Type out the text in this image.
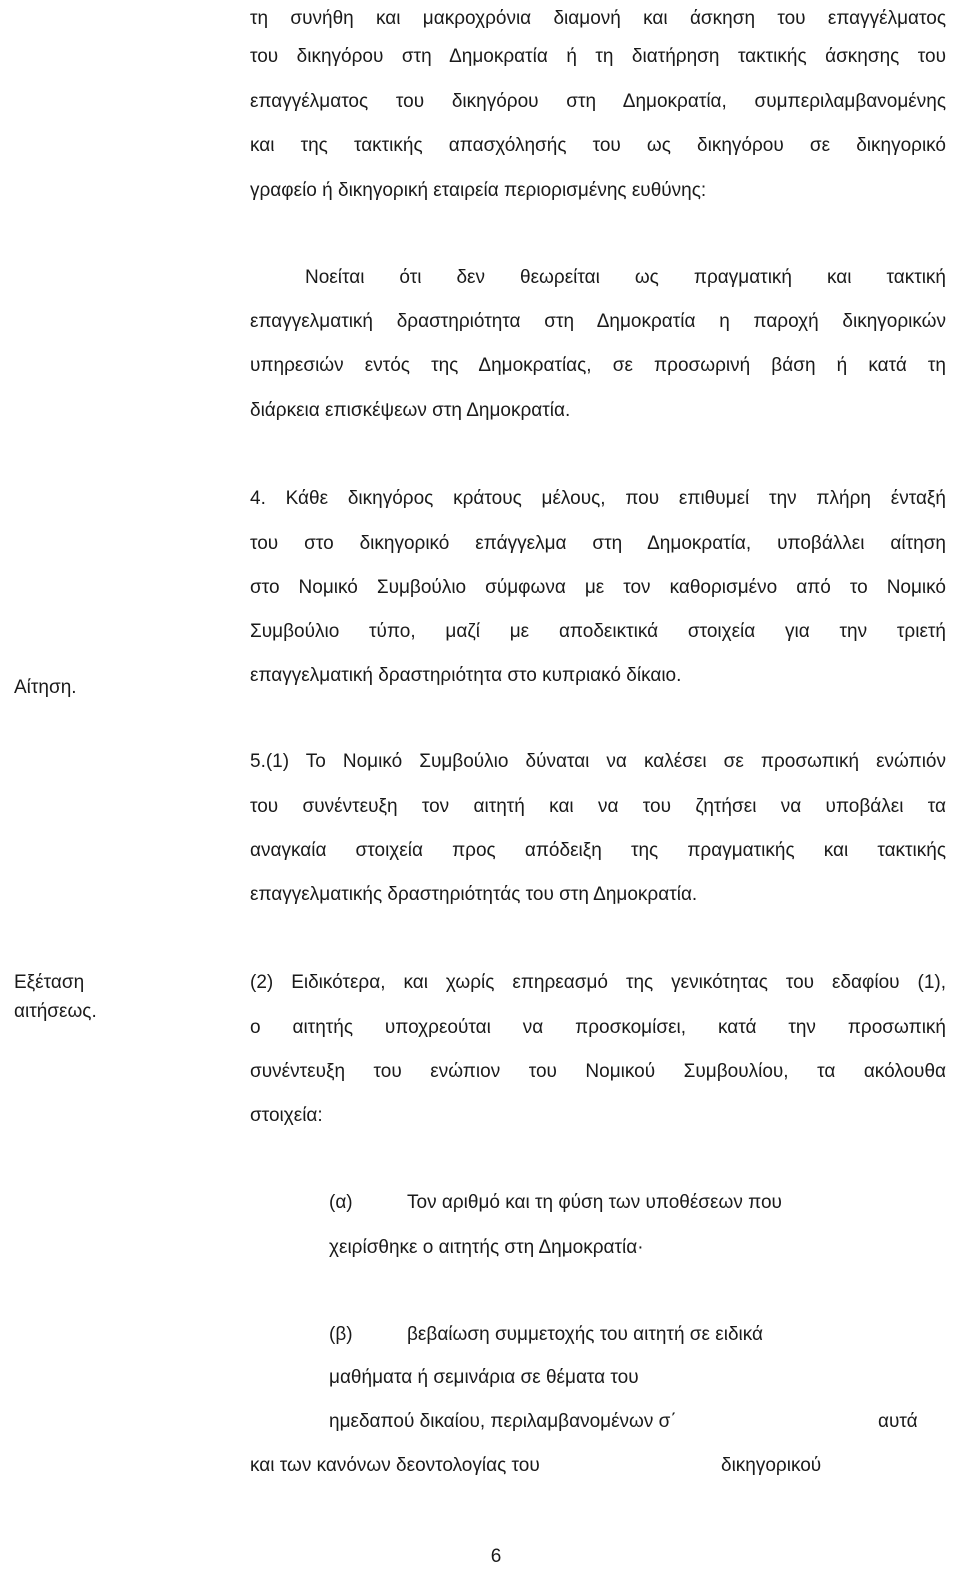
τη συνήθη και μακροχρόνια διαμονή και άσκηση του επαγγέλματος
του δικηγόρου στη Δημοκρατία ή τη διατήρηση τακτικής άσκησης του
επαγγέλματος του δικηγόρου στη Δημοκρατία, συμπεριλαμβανομένης
και της τακτικής απασχόλησής του ως δικηγόρου σε δικηγορικό
γραφείο ή δικηγορική εταιρεία περιορισμένης ευθύνης:
Νοείται ότι δεν θεωρείται ως πραγματική και τακτική
επαγγελματική δραστηριότητα στη Δημοκρατία η παροχή δικηγορικών
υπηρεσιών εντός της Δημοκρατίας, σε προσωρινή βάση ή κατά τη
διάρκεια επισκέψεων στη Δημοκρατία.
4. Κάθε δικηγόρος κράτους μέλους, που επιθυμεί την πλήρη ένταξή
του στο δικηγορικό επάγγελμα στη Δημοκρατία, υποβάλλει αίτηση
στο Νομικό Συμβούλιο σύμφωνα με τον καθορισμένο από το Νομικό
Συμβούλιο τύπο, μαζί με αποδεικτικά στοιχεία για την τριετή
επαγγελματική δραστηριότητα στο κυπριακό δίκαιο.
Αίτηση.
5.(1) Το Νομικό Συμβούλιο δύναται να καλέσει σε προσωπική ενώπιόν
του συνέντευξη τον αιτητή και να του ζητήσει να υποβάλει τα
αναγκαία στοιχεία προς απόδειξη της πραγματικής και τακτικής
επαγγελματικής δραστηριότητάς του στη Δημοκρατία.
Εξέταση
αιτήσεως.
(2) Ειδικότερα, και χωρίς επηρεασμό της γενικότητας του εδαφίου (1),
ο αιτητής υποχρεούται να προσκομίσει, κατά την προσωπική
συνέντευξη του ενώπιον του Νομικού Συμβουλίου, τα ακόλουθα
στοιχεία:
(α)	Τον αριθμό και τη φύση των υποθέσεων που
χειρίσθηκε ο αιτητής στη Δημοκρατία·
(β)	βεβαίωση συμμετοχής του αιτητή σε ειδικά
μαθήματα ή σεμινάρια σε θέματα του
ημεδαπού δικαίου, περιλαμβανομένων σ΄	αυτά
και των κανόνων δεοντολογίας του	δικηγορικού
6
